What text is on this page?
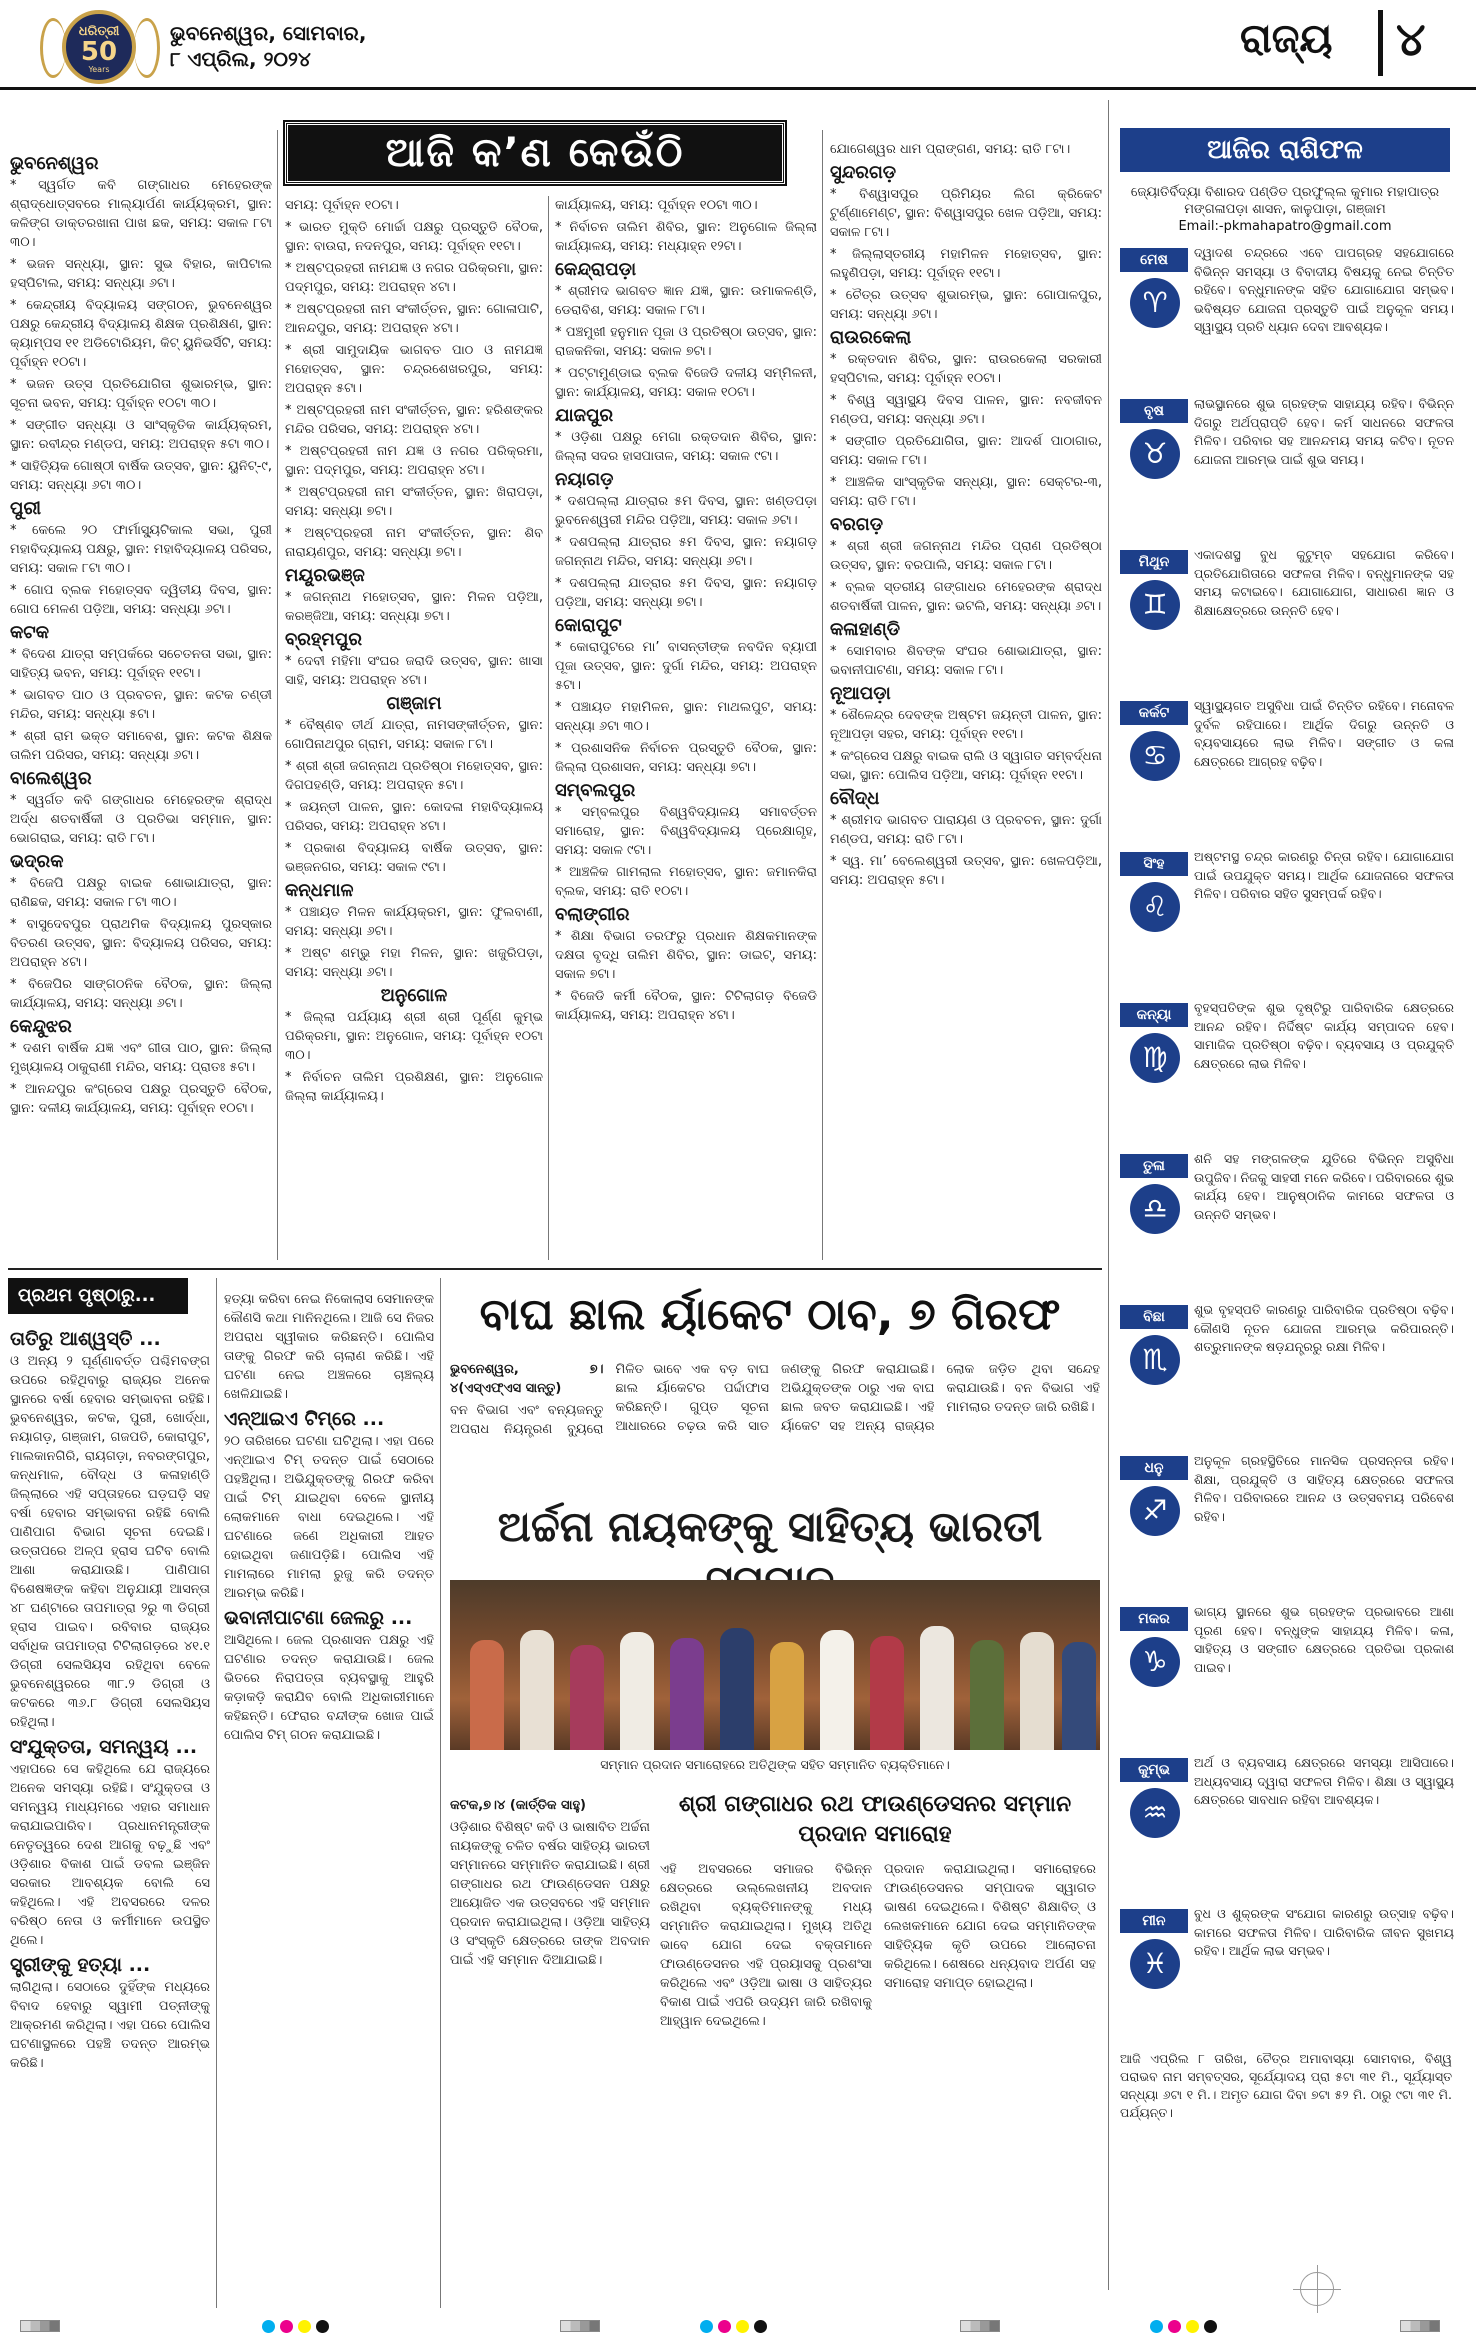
ଧରିତ୍ରୀ
50
Years
ଭୁବନେଶ୍ୱର, ସୋମବାର,
୮ ଏପ୍ରିଲ, ୨୦୨୪	ରାଜ୍ୟ ୪
ଆଜି କ’ଣ କେଉଁଠି
ଭୁବନେଶ୍ୱର

* ସ୍ୱର୍ଗତ କବି ଗଙ୍ଗାଧର ମେହେରଙ୍କ ଶ୍ରାଦ୍ଧୋତ୍ସବରେ ମାଲ୍ୟାର୍ପଣ କାର୍ଯ୍ୟକ୍ରମ, ସ୍ଥାନ: କଳିଙ୍ଗ ଡାକ୍ତରଖାନା ପାଖ ଛକ, ସମୟ: ସକାଳ ୮ଟା ୩୦।

* ଭଜନ ସନ୍ଧ୍ୟା, ସ୍ଥାନ: ସୁଭ ବିହାର, କାପିଟାଲ ହସ୍ପିଟାଲ, ସମୟ: ସନ୍ଧ୍ୟା ୬ଟା।

* କେନ୍ଦ୍ରୀୟ ବିଦ୍ୟାଳୟ ସଙ୍ଗଠନ, ଭୁବନେଶ୍ୱର ପକ୍ଷରୁ କେନ୍ଦ୍ରୀୟ ବିଦ୍ୟାଳୟ ଶିକ୍ଷକ ପ୍ରଶିକ୍ଷଣ, ସ୍ଥାନ: କ୍ୟାମ୍ପସ ୧୧ ଅଡିଟୋରିୟମ, କିଟ୍ ୟୁନିଭର୍ସିଟି, ସମୟ: ପୂର୍ବାହ୍ନ ୧୦ଟା।

* ଭଜନ ଉତ୍ସ ପ୍ରତିଯୋଗିତା ଶୁଭାରମ୍ଭ, ସ୍ଥାନ: ସୂଚନା ଭବନ, ସମୟ: ପୂର୍ବାହ୍ନ ୧୦ଟା ୩୦।

* ସଙ୍ଗୀତ ସନ୍ଧ୍ୟା ଓ ସାଂସ୍କୃତିକ କାର୍ଯ୍ୟକ୍ରମ, ସ୍ଥାନ: ରବୀନ୍ଦ୍ର ମଣ୍ଡପ, ସମୟ: ଅପରାହ୍ନ ୫ଟା ୩୦।

* ସାହିତ୍ୟିକ ଗୋଷ୍ଠୀ ବାର୍ଷିକ ଉତ୍ସବ, ସ୍ଥାନ: ୟୁନିଟ୍-୯, ସମୟ: ସନ୍ଧ୍ୟା ୬ଟା ୩୦।

ପୁରୀ

* କେଲେ ୨୦ ଫାର୍ମାସ୍ୟୁଟିକାଲ ସଭା, ପୁରୀ ମହାବିଦ୍ୟାଳୟ ପକ୍ଷରୁ, ସ୍ଥାନ: ମହାବିଦ୍ୟାଳୟ ପରିସର, ସମୟ: ସକାଳ ୮ଟା ୩୦।

* ଗୋପ ବ୍ଲକ ମହୋତ୍ସବ ଦ୍ୱିତୀୟ ଦିବସ, ସ୍ଥାନ: ଗୋପ ମେଳଣ ପଡ଼ିଆ, ସମୟ: ସନ୍ଧ୍ୟା ୬ଟା।

କଟକ

* ବିଦେଶ ଯାତ୍ରା ସମ୍ପର୍କରେ ସଚେତନତା ସଭା, ସ୍ଥାନ: ସାହିତ୍ୟ ଭବନ, ସମୟ: ପୂର୍ବାହ୍ନ ୧୧ଟା।

* ଭାଗବତ ପାଠ ଓ ପ୍ରବଚନ, ସ୍ଥାନ: କଟକ ଚଣ୍ଡୀ ମନ୍ଦିର, ସମୟ: ସନ୍ଧ୍ୟା ୫ଟା।

* ଶ୍ରୀ ରାମ ଭକ୍ତ ସମାବେଶ, ସ୍ଥାନ: କଟକ ଶିକ୍ଷକ ତାଲିମ ପରିସର, ସମୟ: ସନ୍ଧ୍ୟା ୬ଟା।

ବାଲେଶ୍ୱର

* ସ୍ୱର୍ଗତ କବି ଗଙ୍ଗାଧର ମେହେରଙ୍କ ଶ୍ରାଦ୍ଧ ଅର୍ଦ୍ଧ ଶତବାର୍ଷିକୀ ଓ ପ୍ରତିଭା ସମ୍ମାନ, ସ୍ଥାନ: ଭୋଗରାଇ, ସମୟ: ରାତି ୮ଟା।

ଭଦ୍ରକ

* ବିଜେପି ପକ୍ଷରୁ ବାଇକ ଶୋଭାଯାତ୍ରା, ସ୍ଥାନ: ରାଣିଛକ, ସମୟ: ସକାଳ ୮ଟା ୩୦।

* ବାସୁଦେବପୁର ପ୍ରାଥମିକ ବିଦ୍ୟାଳୟ ପୁରସ୍କାର ବିତରଣ ଉତ୍ସବ, ସ୍ଥାନ: ବିଦ୍ୟାଳୟ ପରିସର, ସମୟ: ଅପରାହ୍ନ ୪ଟା।

* ବିଜେପିର ସାଙ୍ଗଠନିକ ବୈଠକ, ସ୍ଥାନ: ଜିଲ୍ଲା କାର୍ଯ୍ୟାଳୟ, ସମୟ: ସନ୍ଧ୍ୟା ୬ଟା।

କେନ୍ଦୁଝର

* ଦଶମ ବାର୍ଷିକ ଯଜ୍ଞ ଏବଂ ଗୀତା ପାଠ, ସ୍ଥାନ: ଜିଲ୍ଲା ମୁଖ୍ୟାଳୟ ଠାକୁରାଣୀ ମନ୍ଦିର, ସମୟ: ପ୍ରାତଃ ୫ଟା।

* ଆନନ୍ଦପୁର କଂଗ୍ରେସ ପକ୍ଷରୁ ପ୍ରସ୍ତୁତି ବୈଠକ, ସ୍ଥାନ: ଦଳୀୟ କାର୍ଯ୍ୟାଳୟ, ସମୟ: ପୂର୍ବାହ୍ନ ୧୦ଟା।

ସମୟ: ପୂର୍ବାହ୍ନ ୧୦ଟା।

* ଭାରତ ମୁକ୍ତି ମୋର୍ଚ୍ଚା ପକ୍ଷରୁ ପ୍ରସ୍ତୁତି ବୈଠକ, ସ୍ଥାନ: ବାଉରା, ନଦନପୁର, ସମୟ: ପୂର୍ବାହ୍ନ ୧୧ଟା।

* ଅଷ୍ଟପ୍ରହରୀ ନାମଯଜ୍ଞ ଓ ନଗର ପରିକ୍ରମା, ସ୍ଥାନ: ପଦ୍ମପୁର, ସମୟ: ଅପରାହ୍ନ ୪ଟା।

* ଅଷ୍ଟପ୍ରହରୀ ନାମ ସଂକୀର୍ତ୍ତନ, ସ୍ଥାନ: ଗୋଳାପାଟି, ଆନନ୍ଦପୁର, ସମୟ: ଅପରାହ୍ନ ୪ଟା।

* ଶ୍ରୀ ସାମୁଦାୟିକ ଭାଗବତ ପାଠ ଓ ନାମଯଜ୍ଞ ମହୋତ୍ସବ, ସ୍ଥାନ: ଚନ୍ଦ୍ରଶେଖରପୁର, ସମୟ: ଅପରାହ୍ନ ୫ଟା।

* ଅଷ୍ଟପ୍ରହରୀ ନାମ ସଂକୀର୍ତ୍ତନ, ସ୍ଥାନ: ହରିଶଙ୍କର ମନ୍ଦିର ପରିସର, ସମୟ: ଅପରାହ୍ନ ୪ଟା।

* ଅଷ୍ଟପ୍ରହରୀ ନାମ ଯଜ୍ଞ ଓ ନଗର ପରିକ୍ରମା, ସ୍ଥାନ: ପଦ୍ମପୁର, ସମୟ: ଅପରାହ୍ନ ୪ଟା।

* ଅଷ୍ଟପ୍ରହରୀ ନାମ ସଂକୀର୍ତ୍ତନ, ସ୍ଥାନ: ଖିରାପଡ଼ା, ସମୟ: ସନ୍ଧ୍ୟା ୭ଟା।

* ଅଷ୍ଟପ୍ରହରୀ ନାମ ସଂକୀର୍ତ୍ତନ, ସ୍ଥାନ: ଶିବ ନାରାୟଣପୁର, ସମୟ: ସନ୍ଧ୍ୟା ୭ଟା।

ମୟୂରଭଞ୍ଜ

* ଜଗନ୍ନାଥ ମହୋତ୍ସବ, ସ୍ଥାନ: ମିଳନ ପଡ଼ିଆ, କରଞ୍ଜିଆ, ସମୟ: ସନ୍ଧ୍ୟା ୭ଟା।

ବ୍ରହ୍ମପୁର

* ଦେବୀ ମହିମା ସଂଘର ଜରାଦି ଉତ୍ସବ, ସ୍ଥାନ: ଖାସା ସାହି, ସମୟ: ଅପରାହ୍ନ ୪ଟା।

ଗଞ୍ଜାମ

* ବୈଷ୍ଣବ ତୀର୍ଥ ଯାତ୍ରା, ନାମସଙ୍କୀର୍ତ୍ତନ, ସ୍ଥାନ: ଗୋପିନାଥପୁର ଗ୍ରାମ, ସମୟ: ସକାଳ ୮ଟା।

* ଶ୍ରୀ ଶ୍ରୀ ଜଗନ୍ନାଥ ପ୍ରତିଷ୍ଠା ମହୋତ୍ସବ, ସ୍ଥାନ: ଦିଗପହଣ୍ଡି, ସମୟ: ଅପରାହ୍ନ ୫ଟା।

* ଜୟନ୍ତୀ ପାଳନ, ସ୍ଥାନ: କୋଦଳା ମହାବିଦ୍ୟାଳୟ ପରିସର, ସମୟ: ଅପରାହ୍ନ ୪ଟା।

* ପ୍ରକାଶ ବିଦ୍ୟାଳୟ ବାର୍ଷିକ ଉତ୍ସବ, ସ୍ଥାନ: ଭଞ୍ଜନଗର, ସମୟ: ସକାଳ ୯ଟା।

କନ୍ଧମାଳ

* ପଞ୍ଚାୟତ ମିଳନ କାର୍ଯ୍ୟକ୍ରମ, ସ୍ଥାନ: ଫୁଲବାଣୀ, ସମୟ: ସନ୍ଧ୍ୟା ୬ଟା।

* ଅଷ୍ଟ ଶମ୍ଭୁ ମହା ମିଳନ, ସ୍ଥାନ: ଖଜୁରିପଡ଼ା, ସମୟ: ସନ୍ଧ୍ୟା ୬ଟା।

ଅନୁଗୋଳ

* ଜିଲ୍ଲା ପର୍ଯ୍ୟାୟ ଶ୍ରୀ ଶ୍ରୀ ପୂର୍ଣ୍ଣ କୁମ୍ଭ ପରିକ୍ରମା, ସ୍ଥାନ: ଅନୁଗୋଳ, ସମୟ: ପୂର୍ବାହ୍ନ ୧୦ଟା ୩୦।

* ନିର୍ବାଚନ ତାଲିମ ପ୍ରଶିକ୍ଷଣ, ସ୍ଥାନ: ଅନୁଗୋଳ ଜିଲ୍ଲା କାର୍ଯ୍ୟାଳୟ।

କାର୍ଯ୍ୟାଳୟ, ସମୟ: ପୂର୍ବାହ୍ନ ୧୦ଟା ୩୦।

* ନିର୍ବାଚନ ତାଲିମ ଶିବିର, ସ୍ଥାନ: ଅନୁଗୋଳ ଜିଲ୍ଲା କାର୍ଯ୍ୟାଳୟ, ସମୟ: ମଧ୍ୟାହ୍ନ ୧୨ଟା।

କେନ୍ଦ୍ରାପଡ଼ା

* ଶ୍ରୀମଦ ଭାଗବତ ଜ୍ଞାନ ଯଜ୍ଞ, ସ୍ଥାନ: ଉମାକଳଣ୍ଡି, ଡେରାବିଶ, ସମୟ: ସକାଳ ୮ଟା।

* ପଞ୍ଚମୁଖୀ ହନୁମାନ ପୂଜା ଓ ପ୍ରତିଷ୍ଠା ଉତ୍ସବ, ସ୍ଥାନ: ରାଜକନିକା, ସମୟ: ସକାଳ ୭ଟା।

* ପଟ୍ଟାମୁଣ୍ଡାଇ ବ୍ଲକ ବିଜେଡି ଦଳୀୟ ସମ୍ମିଳନୀ, ସ୍ଥାନ: କାର୍ଯ୍ୟାଳୟ, ସମୟ: ସକାଳ ୧୦ଟା।

ଯାଜପୁର

* ଓଡ଼ିଶା ପକ୍ଷରୁ ମେଗା ରକ୍ତଦାନ ଶିବିର, ସ୍ଥାନ: ଜିଲ୍ଲା ସଦର ହାସପାତାଳ, ସମୟ: ସକାଳ ୯ଟା।

ନୟାଗଡ଼

* ଦଶପଲ୍ଲା ଯାତ୍ରାର ୫ମ ଦିବସ, ସ୍ଥାନ: ଖଣ୍ଡପଡ଼ା ଭୁବନେଶ୍ୱରୀ ମନ୍ଦିର ପଡ଼ିଆ, ସମୟ: ସକାଳ ୬ଟା।

* ଦଶପଲ୍ଲା ଯାତ୍ରାର ୫ମ ଦିବସ, ସ୍ଥାନ: ନୟାଗଡ଼ ଜଗନ୍ନାଥ ମନ୍ଦିର, ସମୟ: ସନ୍ଧ୍ୟା ୬ଟା।

* ଦଶପଲ୍ଲା ଯାତ୍ରାର ୫ମ ଦିବସ, ସ୍ଥାନ: ନୟାଗଡ଼ ପଡ଼ିଆ, ସମୟ: ସନ୍ଧ୍ୟା ୭ଟା।

କୋରାପୁଟ

* କୋରାପୁଟରେ ମା’ ବାସନ୍ତୀଙ୍କ ନବଦିନ ବ୍ୟାପୀ ପୂଜା ଉତ୍ସବ, ସ୍ଥାନ: ଦୁର୍ଗା ମନ୍ଦିର, ସମୟ: ଅପରାହ୍ନ ୫ଟା।

* ପଞ୍ଚାୟତ ମହାମିଳନ, ସ୍ଥାନ: ମାଥଲପୁଟ, ସମୟ: ସନ୍ଧ୍ୟା ୬ଟା ୩୦।

* ପ୍ରଶାସନିକ ନିର୍ବାଚନ ପ୍ରସ୍ତୁତି ବୈଠକ, ସ୍ଥାନ: ଜିଲ୍ଲା ପ୍ରଶାସନ, ସମୟ: ସନ୍ଧ୍ୟା ୭ଟା।

ସମ୍ବଲପୁର

* ସମ୍ବଲପୁର ବିଶ୍ୱବିଦ୍ୟାଳୟ ସମାବର୍ତ୍ତନ ସମାରୋହ, ସ୍ଥାନ: ବିଶ୍ୱବିଦ୍ୟାଳୟ ପ୍ରେକ୍ଷାଗୃହ, ସମୟ: ସକାଳ ୯ଟା।

* ଆଞ୍ଚଳିକ ଗାମଲାଲ ମହୋତ୍ସବ, ସ୍ଥାନ: ଜମାନକିରା ବ୍ଲକ, ସମୟ: ରାତି ୧୦ଟା।

ବଲାଙ୍ଗୀର

* ଶିକ୍ଷା ବିଭାଗ ତରଫରୁ ପ୍ରଧାନ ଶିକ୍ଷକମାନଙ୍କ ଦକ୍ଷତା ବୃଦ୍ଧି ତାଲିମ ଶିବିର, ସ୍ଥାନ: ଡାଇଟ୍, ସମୟ: ସକାଳ ୭ଟା।

* ବିଜେଡି କର୍ମୀ ବୈଠକ, ସ୍ଥାନ: ଟିଟିଲାଗଡ଼ ବିଜେଡି କାର୍ଯ୍ୟାଳୟ, ସମୟ: ଅପରାହ୍ନ ୪ଟା।

ଯୋଗେଶ୍ୱର ଧାମ ପ୍ରାଙ୍ଗଣ, ସମୟ: ରାତି ୮ଟା।

ସୁନ୍ଦରଗଡ଼

* ବିଶ୍ୱାସପୁର ପ୍ରିମିୟର ଲିଗ କ୍ରିକେଟ ଟୁର୍ଣ୍ଣାମେଣ୍ଟ, ସ୍ଥାନ: ବିଶ୍ୱାସପୁର ଖେଳ ପଡ଼ିଆ, ସମୟ: ସକାଳ ୮ଟା।

* ଜିଲ୍ଲାସ୍ତରୀୟ ମହାମିଳନ ମହୋତ୍ସବ, ସ୍ଥାନ: ଲହୁଣିପଡ଼ା, ସମୟ: ପୂର୍ବାହ୍ନ ୧୧ଟା।

* ଚୈତ୍ର ଉତ୍ସବ ଶୁଭାରମ୍ଭ, ସ୍ଥାନ: ଗୋପାଳପୁର, ସମୟ: ସନ୍ଧ୍ୟା ୬ଟା।

ରାଉରକେଲା

* ରକ୍ତଦାନ ଶିବିର, ସ୍ଥାନ: ରାଉରକେଲା ସରକାରୀ ହସ୍ପିଟାଲ, ସମୟ: ପୂର୍ବାହ୍ନ ୧୦ଟା।

* ବିଶ୍ୱ ସ୍ୱାସ୍ଥ୍ୟ ଦିବସ ପାଳନ, ସ୍ଥାନ: ନବଜୀବନ ମଣ୍ଡପ, ସମୟ: ସନ୍ଧ୍ୟା ୬ଟା।

* ସଙ୍ଗୀତ ପ୍ରତିଯୋଗିତା, ସ୍ଥାନ: ଆଦର୍ଶ ପାଠାଗାର, ସମୟ: ସକାଳ ୮ଟା।

* ଆଞ୍ଚଳିକ ସାଂସ୍କୃତିକ ସନ୍ଧ୍ୟା, ସ୍ଥାନ: ସେକ୍ଟର-୩, ସମୟ: ରାତି ୮ଟା।

ବରଗଡ଼

* ଶ୍ରୀ ଶ୍ରୀ ଜଗନ୍ନାଥ ମନ୍ଦିର ପ୍ରାଣ ପ୍ରତିଷ୍ଠା ଉତ୍ସବ, ସ୍ଥାନ: ବରପାଲି, ସମୟ: ସକାଳ ୮ଟା।

* ବ୍ଲକ ସ୍ତରୀୟ ଗଙ୍ଗାଧର ମେହେରଙ୍କ ଶ୍ରାଦ୍ଧ ଶତବାର୍ଷିକୀ ପାଳନ, ସ୍ଥାନ: ଭଟଲି, ସମୟ: ସନ୍ଧ୍ୟା ୬ଟା।

କଳାହାଣ୍ଡି

* ସୋମବାର ଶିବଙ୍କ ସଂଘର ଶୋଭାଯାତ୍ରା, ସ୍ଥାନ: ଭବାନୀପାଟଣା, ସମୟ: ସକାଳ ୮ଟା।

ନୂଆପଡ଼ା

* ଶୈଳେନ୍ଦ୍ର ଦେବଙ୍କ ଅଷ୍ଟମ ଜୟନ୍ତୀ ପାଳନ, ସ୍ଥାନ: ନୂଆପଡ଼ା ସହର, ସମୟ: ପୂର୍ବାହ୍ନ ୧୧ଟା।

* କଂଗ୍ରେସ ପକ୍ଷରୁ ବାଇକ ରାଲି ଓ ସ୍ୱାଗତ ସମ୍ବର୍ଦ୍ଧନା ସଭା, ସ୍ଥାନ: ପୋଲିସ ପଡ଼ିଆ, ସମୟ: ପୂର୍ବାହ୍ନ ୧୧ଟା।

ବୌଦ୍ଧ

* ଶ୍ରୀମଦ ଭାଗବତ ପାରାୟଣ ଓ ପ୍ରବଚନ, ସ୍ଥାନ: ଦୁର୍ଗା ମଣ୍ଡପ, ସମୟ: ରାତି ୮ଟା।

* ସ୍ୱ. ମା’ ବେଲେଶ୍ୱରୀ ଉତ୍ସବ, ସ୍ଥାନ: ଖେଳପଡ଼ିଆ, ସମୟ: ଅପରାହ୍ନ ୫ଟା।

ଆଜିର ରାଶିଫଳ
ଜ୍ୟୋତିର୍ବିଦ୍ୟା ବିଶାରଦ ପଣ୍ଡିତ ପ୍ରଫୁଲ୍ଲ କୁମାର ମହାପାତ୍ର
ମଙ୍ଗଳାପଡ଼ା ଶାସନ, କାଳୁପାଡ଼ା, ଗଞ୍ଜାମ
Email:-pkmahapatro@gmail.com
ମେଷ
♈
ଦ୍ୱାଦଶ ଚନ୍ଦ୍ରରେ ଏବେ ପାପଗ୍ରହ ସହଯୋଗରେ ବିଭିନ୍ନ ସମସ୍ୟା ଓ ବିବାଦୀୟ ବିଷୟକୁ ନେଇ ଚିନ୍ତିତ ରହିବେ। ବନ୍ଧୁମାନଙ୍କ ସହିତ ଯୋଗାଯୋଗ ସମ୍ଭବ। ଭବିଷ୍ୟତ ଯୋଜନା ପ୍ରସ୍ତୁତି ପାଇଁ ଅନୁକୂଳ ସମୟ। ସ୍ୱାସ୍ଥ୍ୟ ପ୍ରତି ଧ୍ୟାନ ଦେବା ଆବଶ୍ୟକ।
ବୃଷ
♉
ଲାଭସ୍ଥାନରେ ଶୁଭ ଗ୍ରହଙ୍କ ସାହାଯ୍ୟ ରହିବ। ବିଭିନ୍ନ ଦିଗରୁ ଅର୍ଥପ୍ରାପ୍ତି ହେବ। କର୍ମ ସାଧନରେ ସଫଳତା ମିଳିବ। ପରିବାର ସହ ଆନନ୍ଦମୟ ସମୟ କଟିବ। ନୂତନ ଯୋଜନା ଆରମ୍ଭ ପାଇଁ ଶୁଭ ସମୟ।
ମିଥୁନ
♊
ଏକାଦଶସ୍ଥ ବୁଧ କୁଟୁମ୍ବ ସହଯୋଗ କରିବେ। ପ୍ରତିଯୋଗିତାରେ ସଫଳତା ମିଳିବ। ବନ୍ଧୁମାନଙ୍କ ସହ ସମୟ କଟାଇବେ। ଯୋଗାଯୋଗ, ସାଧାରଣ ଜ୍ଞାନ ଓ ଶିକ୍ଷାକ୍ଷେତ୍ରରେ ଉନ୍ନତି ହେବ।
କର୍କଟ
♋
ସ୍ୱାସ୍ଥ୍ୟଗତ ଅସୁବିଧା ପାଇଁ ଚିନ୍ତିତ ରହିବେ। ମନୋବଳ ଦୁର୍ବଳ ରହିପାରେ। ଆର୍ଥିକ ଦିଗରୁ ଉନ୍ନତି ଓ ବ୍ୟବସାୟରେ ଲାଭ ମିଳିବ। ସଙ୍ଗୀତ ଓ କଳା କ୍ଷେତ୍ରରେ ଆଗ୍ରହ ବଢ଼ିବ।
ସିଂହ
♌
ଅଷ୍ଟମସ୍ଥ ଚନ୍ଦ୍ର କାରଣରୁ ଚିନ୍ତା ରହିବ। ଯୋଗାଯୋଗ ପାଇଁ ଉପଯୁକ୍ତ ସମୟ। ଆର୍ଥିକ ଯୋଜନାରେ ସଫଳତା ମିଳିବ। ପରିବାର ସହିତ ସୁସମ୍ପର୍କ ରହିବ।
କନ୍ୟା
♍
ବୃହସ୍ପତିଙ୍କ ଶୁଭ ଦୃଷ୍ଟିରୁ ପାରିବାରିକ କ୍ଷେତ୍ରରେ ଆନନ୍ଦ ରହିବ। ନିର୍ଦ୍ଦିଷ୍ଟ କାର୍ଯ୍ୟ ସମ୍ପାଦନ ହେବ। ସାମାଜିକ ପ୍ରତିଷ୍ଠା ବଢ଼ିବ। ବ୍ୟବସାୟ ଓ ପ୍ରଯୁକ୍ତି କ୍ଷେତ୍ରରେ ଲାଭ ମିଳିବ।
ତୁଳା
♎
ଶନି ସହ ମଙ୍ଗଳଙ୍କ ଯୁତିରେ ବିଭିନ୍ନ ଅସୁବିଧା ଉପୁଜିବ। ନିଜକୁ ସାହସୀ ମନେ କରିବେ। ପରିବାରରେ ଶୁଭ କାର୍ଯ୍ୟ ହେବ। ଆନୁଷ୍ଠାନିକ କାମରେ ସଫଳତା ଓ ଉନ୍ନତି ସମ୍ଭବ।
ବିଛା
♏
ଶୁଭ ବୃହସ୍ପତି କାରଣରୁ ପାରିବାରିକ ପ୍ରତିଷ୍ଠା ବଢ଼ିବ। କୌଣସି ନୂତନ ଯୋଜନା ଆରମ୍ଭ କରିପାରନ୍ତି। ଶତ୍ରୁମାନଙ୍କ ଷଡ଼ଯନ୍ତ୍ରରୁ ରକ୍ଷା ମିଳିବ।
ଧନୁ
♐
ଅନୁକୂଳ ଗ୍ରହସ୍ଥିତିରେ ମାନସିକ ପ୍ରସନ୍ନତା ରହିବ। ଶିକ୍ଷା, ପ୍ରଯୁକ୍ତି ଓ ସାହିତ୍ୟ କ୍ଷେତ୍ରରେ ସଫଳତା ମିଳିବ। ପରିବାରରେ ଆନନ୍ଦ ଓ ଉତ୍ସବମୟ ପରିବେଶ ରହିବ।
ମକର
♑
ଭାଗ୍ୟ ସ୍ଥାନରେ ଶୁଭ ଗ୍ରହଙ୍କ ପ୍ରଭାବରେ ଆଶା ପୂରଣ ହେବ। ବନ୍ଧୁଙ୍କ ସାହାଯ୍ୟ ମିଳିବ। କଳା, ସାହିତ୍ୟ ଓ ସଙ୍ଗୀତ କ୍ଷେତ୍ରରେ ପ୍ରତିଭା ପ୍ରକାଶ ପାଇବ।
କୁମ୍ଭ
♒
ଅର୍ଥ ଓ ବ୍ୟବସାୟ କ୍ଷେତ୍ରରେ ସମସ୍ୟା ଆସିପାରେ। ଅଧ୍ୟବସାୟ ଦ୍ୱାରା ସଫଳତା ମିଳିବ। ଶିକ୍ଷା ଓ ସ୍ୱାସ୍ଥ୍ୟ କ୍ଷେତ୍ରରେ ସାବଧାନ ରହିବା ଆବଶ୍ୟକ।
ମୀନ
♓
ବୁଧ ଓ ଶୁକ୍ରଙ୍କ ସଂଯୋଗ କାରଣରୁ ଉତ୍ସାହ ବଢ଼ିବ। କାମରେ ସଫଳତା ମିଳିବ। ପାରିବାରିକ ଜୀବନ ସୁଖମୟ ରହିବ। ଆର୍ଥିକ ଲାଭ ସମ୍ଭବ।

ଆଜି ଏପ୍ରିଲ ୮ ତାରିଖ, ଚୈତ୍ର ଅମାବାସ୍ୟା ସୋମବାର, ବିଶ୍ୱ ପରାଭବ ନାମ ସମ୍ବତ୍ସର, ସୂର୍ଯ୍ୟୋଦୟ ପ୍ରା ୫ଟା ୩୧ ମି., ସୂର୍ଯ୍ୟାସ୍ତ ସନ୍ଧ୍ୟା ୬ଟା ୧ ମି.। ଅମୃତ ଯୋଗ ଦିବା ୭ଟା ୫୨ ମି. ଠାରୁ ୯ଟା ୩୧ ମି. ପର୍ଯ୍ୟନ୍ତ।

ପ୍ରଥମ ପୃଷ୍ଠାରୁ...
ତାତିରୁ ଆଶ୍ୱସ୍ତି ...

ଓ ଅନ୍ୟ ୨ ଘୂର୍ଣ୍ଣାବର୍ତ୍ତ ପଶ୍ଚିମବଙ୍ଗ ଉପରେ ରହିଥିବାରୁ ରାଜ୍ୟର ଅନେକ ସ୍ଥାନରେ ବର୍ଷା ହେବାର ସମ୍ଭାବନା ରହିଛି। ଭୁବନେଶ୍ୱର, କଟକ, ପୁରୀ, ଖୋର୍ଦ୍ଧା, ନୟାଗଡ଼, ଗଞ୍ଜାମ, ଗଜପତି, କୋରାପୁଟ, ମାଲକାନଗିରି, ରାୟଗଡ଼ା, ନବରଙ୍ଗପୁର, କନ୍ଧମାଳ, ବୌଦ୍ଧ ଓ କଳାହାଣ୍ଡି ଜିଲ୍ଲାରେ ଏହି ସପ୍ତାହରେ ଘଡ଼ଘଡ଼ି ସହ ବର୍ଷା ହେବାର ସମ୍ଭାବନା ରହିଛି ବୋଲି ପାଣିପାଗ ବିଭାଗ ସୂଚନା ଦେଇଛି। ଉତ୍ତାପରେ ଅଳ୍ପ ହ୍ରାସ ଘଟିବ ବୋଲି ଆଶା କରାଯାଉଛି। ପାଣିପାଗ ବିଶେଷଜ୍ଞଙ୍କ କହିବା ଅନୁଯାୟୀ ଆସନ୍ତା ୪୮ ଘଣ୍ଟାରେ ତାପମାତ୍ରା ୨ରୁ ୩ ଡିଗ୍ରୀ ହ୍ରାସ ପାଇବ। ରବିବାର ରାଜ୍ୟର ସର୍ବାଧିକ ତାପମାତ୍ରା ଟିଟିଲାଗଡ଼ରେ ୪୧.୧ ଡିଗ୍ରୀ ସେଲସିୟସ ରହିଥିବା ବେଳେ ଭୁବନେଶ୍ୱରରେ ୩୮.୨ ଡିଗ୍ରୀ ଓ କଟକରେ ୩୬.୮ ଡିଗ୍ରୀ ସେଲସିୟସ ରହିଥିଲା।

ସଂଯୁକ୍ତତା, ସମନ୍ୱୟ ...

ଏହାପରେ ସେ କହିଥିଲେ ଯେ ରାଜ୍ୟରେ ଅନେକ ସମସ୍ୟା ରହିଛି। ସଂଯୁକ୍ତତା ଓ ସମନ୍ୱୟ ମାଧ୍ୟମରେ ଏହାର ସମାଧାନ କରାଯାଇପାରିବ। ପ୍ରଧାନମନ୍ତ୍ରୀଙ୍କ ନେତୃତ୍ୱରେ ଦେଶ ଆଗକୁ ବଢ଼ୁଛି ଏବଂ ଓଡ଼ିଶାର ବିକାଶ ପାଇଁ ଡବଲ ଇଞ୍ଜିନ ସରକାର ଆବଶ୍ୟକ ବୋଲି ସେ କହିଥିଲେ। ଏହି ଅବସରରେ ଦଳର ବରିଷ୍ଠ ନେତା ଓ କର୍ମୀମାନେ ଉପସ୍ଥିତ ଥିଲେ।

ସ୍ତ୍ରୀଙ୍କୁ ହତ୍ୟା ...

ଲାଗିଥିଲା। ସେଠାରେ ଦୁହିଁଙ୍କ ମଧ୍ୟରେ ବିବାଦ ହେବାରୁ ସ୍ୱାମୀ ପତ୍ନୀଙ୍କୁ ଆକ୍ରମଣ କରିଥିଲା। ଏହା ପରେ ପୋଲିସ ଘଟଣାସ୍ଥଳରେ ପହଞ୍ଚି ତଦନ୍ତ ଆରମ୍ଭ କରିଛି।

ହତ୍ୟା କରିବା ନେଇ ନିକୋଲାସ ସେମାନଙ୍କ କୌଣସି କଥା ମାନିନଥିଲେ। ଆଜି ସେ ନିଜର ଅପରାଧ ସ୍ୱୀକାର କରିଛନ୍ତି। ପୋଲିସ ତାଙ୍କୁ ଗିରଫ କରି ଚାଲାଣ କରିଛି। ଏହି ଘଟଣା ନେଇ ଅଞ୍ଚଳରେ ଚାଞ୍ଚଲ୍ୟ ଖେଳିଯାଇଛି।

ଏନ୍ଆଇଏ ଟିମ୍‌ରେ ...

୨୦ ତାରିଖରେ ଘଟଣା ଘଟିଥିଲା। ଏହା ପରେ ଏନ୍ଆଇଏ ଟିମ୍ ତଦନ୍ତ ପାଇଁ ସେଠାରେ ପହଞ୍ଚିଥିଲା। ଅଭିଯୁକ୍ତଙ୍କୁ ଗିରଫ କରିବା ପାଇଁ ଟିମ୍ ଯାଇଥିବା ବେଳେ ସ୍ଥାନୀୟ ଲୋକମାନେ ବାଧା ଦେଇଥିଲେ। ଏହି ଘଟଣାରେ ଜଣେ ଅଧିକାରୀ ଆହତ ହୋଇଥିବା ଜଣାପଡ଼ିଛି। ପୋଲିସ ଏହି ମାମଲାରେ ମାମଲା ରୁଜୁ କରି ତଦନ୍ତ ଆରମ୍ଭ କରିଛି।

ଭବାନୀପାଟଣା ଜେଲରୁ ...

ଆସିଥିଲେ। ଜେଲ ପ୍ରଶାସନ ପକ୍ଷରୁ ଏହି ଘଟଣାର ତଦନ୍ତ କରାଯାଉଛି। ଜେଲ ଭିତରେ ନିରାପତ୍ତା ବ୍ୟବସ୍ଥାକୁ ଆହୁରି କଡ଼ାକଡ଼ି କରାଯିବ ବୋଲି ଅଧିକାରୀମାନେ କହିଛନ୍ତି। ଫେରାର ବନ୍ଦୀଙ୍କ ଖୋଜ ପାଇଁ ପୋଲିସ ଟିମ୍ ଗଠନ କରାଯାଇଛି।

ବାଘ ଛାଲ ର୍ୟାକେଟ ଠାବ, ୭ ଗିରଫ

ଭୁବନେଶ୍ୱର, ୭।୪(ଏସ୍‌ଏଫ୍‌ଏସ ସାନ୍ତୁ)

ବନ ବିଭାଗ ଏବଂ ବନ୍ୟଜନ୍ତୁ ଅପରାଧ ନିୟନ୍ତ୍ରଣ ବ୍ୟୁରୋ ମିଳିତ ଭାବେ ଏକ ବଡ଼ ବାଘ ଛାଲ ର୍ୟାକେଟର ପର୍ଦ୍ଦାଫାସ କରିଛନ୍ତି। ଗୁପ୍ତ ସୂଚନା ଆଧାରରେ ଚଢ଼ଉ କରି ସାତ ଜଣଙ୍କୁ ଗିରଫ କରାଯାଇଛି। ଅଭିଯୁକ୍ତଙ୍କ ଠାରୁ ଏକ ବାଘ ଛାଲ ଜବତ କରାଯାଇଛି। ଏହି ର୍ୟାକେଟ ସହ ଅନ୍ୟ ରାଜ୍ୟର ଲୋକ ଜଡ଼ିତ ଥିବା ସନ୍ଦେହ କରାଯାଉଛି। ବନ ବିଭାଗ ଏହି ମାମଲାର ତଦନ୍ତ ଜାରି ରଖିଛି।

ଅର୍ଚ୍ଚନା ନାୟକଙ୍କୁ ସାହିତ୍ୟ ଭାରତୀ
ସମ୍ମାନ ପ୍ରଦାନ ସମାରୋହରେ ଅତିଥିଙ୍କ ସହିତ ସମ୍ମାନିତ ବ୍ୟକ୍ତିମାନେ।
ଶ୍ରୀ ଗଙ୍ଗାଧର ରଥ ଫାଉଣ୍ଡେସନର ସମ୍ମାନ ପ୍ରଦାନ ସମାରୋହ

କଟକ,୭।୪ (କାର୍ତ୍ତିକ ସାହୁ)

ଓଡ଼ିଶାର ବିଶିଷ୍ଟ କବି ଓ ଭାଷାବିତ ଅର୍ଚ୍ଚନା ନାୟକଙ୍କୁ ଚଳିତ ବର୍ଷର ସାହିତ୍ୟ ଭାରତୀ ସମ୍ମାନରେ ସମ୍ମାନିତ କରାଯାଇଛି। ଶ୍ରୀ ଗଙ୍ଗାଧର ରଥ ଫାଉଣ୍ଡେସନ ପକ୍ଷରୁ ଆୟୋଜିତ ଏକ ଉତ୍ସବରେ ଏହି ସମ୍ମାନ ପ୍ରଦାନ କରାଯାଇଥିଲା। ଓଡ଼ିଆ ସାହିତ୍ୟ ଓ ସଂସ୍କୃତି କ୍ଷେତ୍ରରେ ତାଙ୍କ ଅବଦାନ ପାଇଁ ଏହି ସମ୍ମାନ ଦିଆଯାଇଛି।

ଏହି ଅବସରରେ ସମାଜର ବିଭିନ୍ନ କ୍ଷେତ୍ରରେ ଉଲ୍ଲେଖନୀୟ ଅବଦାନ ରଖିଥିବା ବ୍ୟକ୍ତିମାନଙ୍କୁ ମଧ୍ୟ ସମ୍ମାନିତ କରାଯାଇଥିଲା। ମୁଖ୍ୟ ଅତିଥି ଭାବେ ଯୋଗ ଦେଇ ବକ୍ତାମାନେ ଫାଉଣ୍ଡେସନର ଏହି ପ୍ରୟାସକୁ ପ୍ରଶଂସା କରିଥିଲେ ଏବଂ ଓଡ଼ିଆ ଭାଷା ଓ ସାହିତ୍ୟର ବିକାଶ ପାଇଁ ଏପରି ଉଦ୍ୟମ ଜାରି ରଖିବାକୁ ଆହ୍ୱାନ ଦେଇଥିଲେ।

ପ୍ରଦାନ କରାଯାଇଥିଲା। ସମାରୋହରେ ଫାଉଣ୍ଡେସନର ସମ୍ପାଦକ ସ୍ୱାଗତ ଭାଷଣ ଦେଇଥିଲେ। ବିଶିଷ୍ଟ ଶିକ୍ଷାବିତ୍ ଓ ଲେଖକମାନେ ଯୋଗ ଦେଇ ସମ୍ମାନିତଙ୍କ ସାହିତ୍ୟିକ କୃତି ଉପରେ ଆଲୋଚନା କରିଥିଲେ। ଶେଷରେ ଧନ୍ୟବାଦ ଅର୍ପଣ ସହ ସମାରୋହ ସମାପ୍ତ ହୋଇଥିଲା।
